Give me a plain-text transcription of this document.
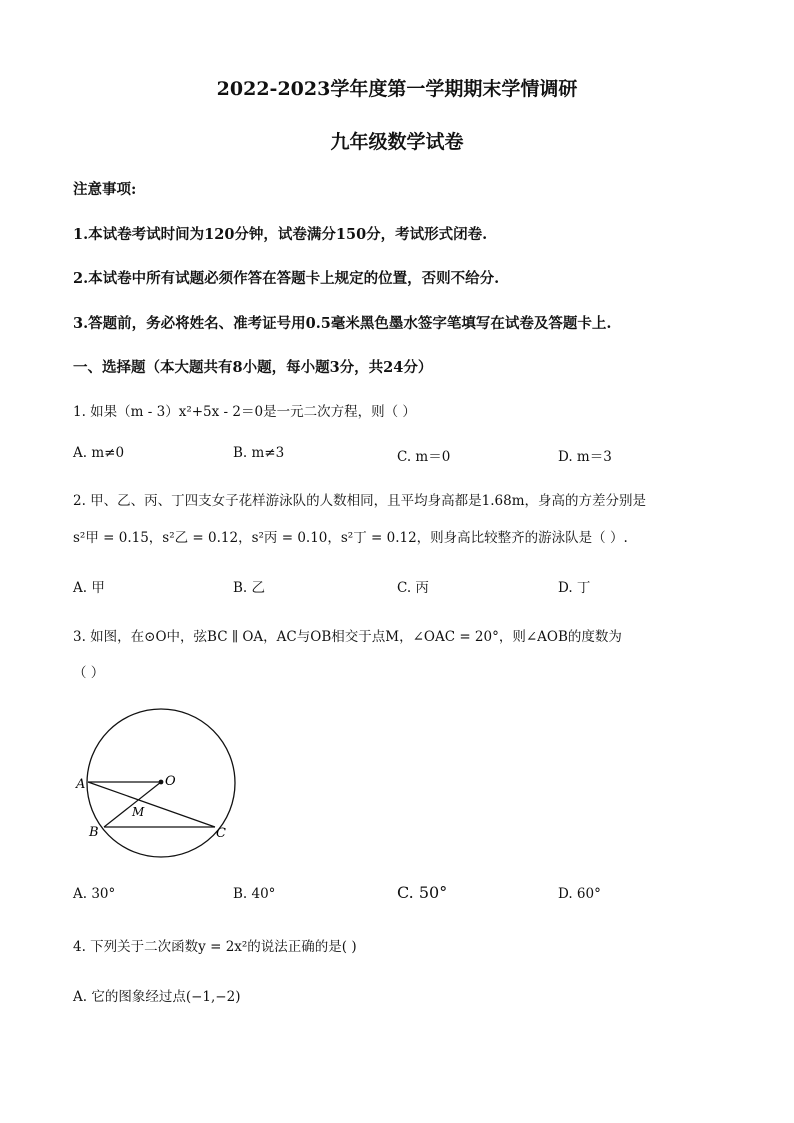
2022-2023学年度第一学期期末学情调研
九年级数学试卷
注意事项:
1.本试卷考试时间为120分钟，试卷满分150分，考试形式闭卷.
2.本试卷中所有试题必须作答在答题卡上规定的位置，否则不给分.
3.答题前，务必将姓名、准考证号用0.5毫米黑色墨水签字笔填写在试卷及答题卡上.
一、选择题（本大题共有8小题，每小题3分，共24分）
1. 如果（m - 3）x²+5x - 2＝0是一元二次方程，则（ ）
A. m≠0	B. m≠3	C. m＝0	D. m＝3
2. 甲、乙、丙、丁四支女子花样游泳队的人数相同，且平均身高都是1.68m，身高的方差分别是
s²甲 = 0.15，s²乙 = 0.12，s²丙 = 0.10，s²丁 = 0.12，则身高比较整齐的游泳队是（ ）.
A. 甲	B. 乙	C. 丙	D. 丁
3. 如图，在⊙O中，弦BC ∥ OA，AC与OB相交于点M，∠OAC = 20°，则∠AOB的度数为
（ ）
A	O
M
B	C
A. 30°	B. 40°	C. 50°	D. 60°
4. 下列关于二次函数y = 2x²的说法正确的是( )
A. 它的图象经过点(−1,−2)
